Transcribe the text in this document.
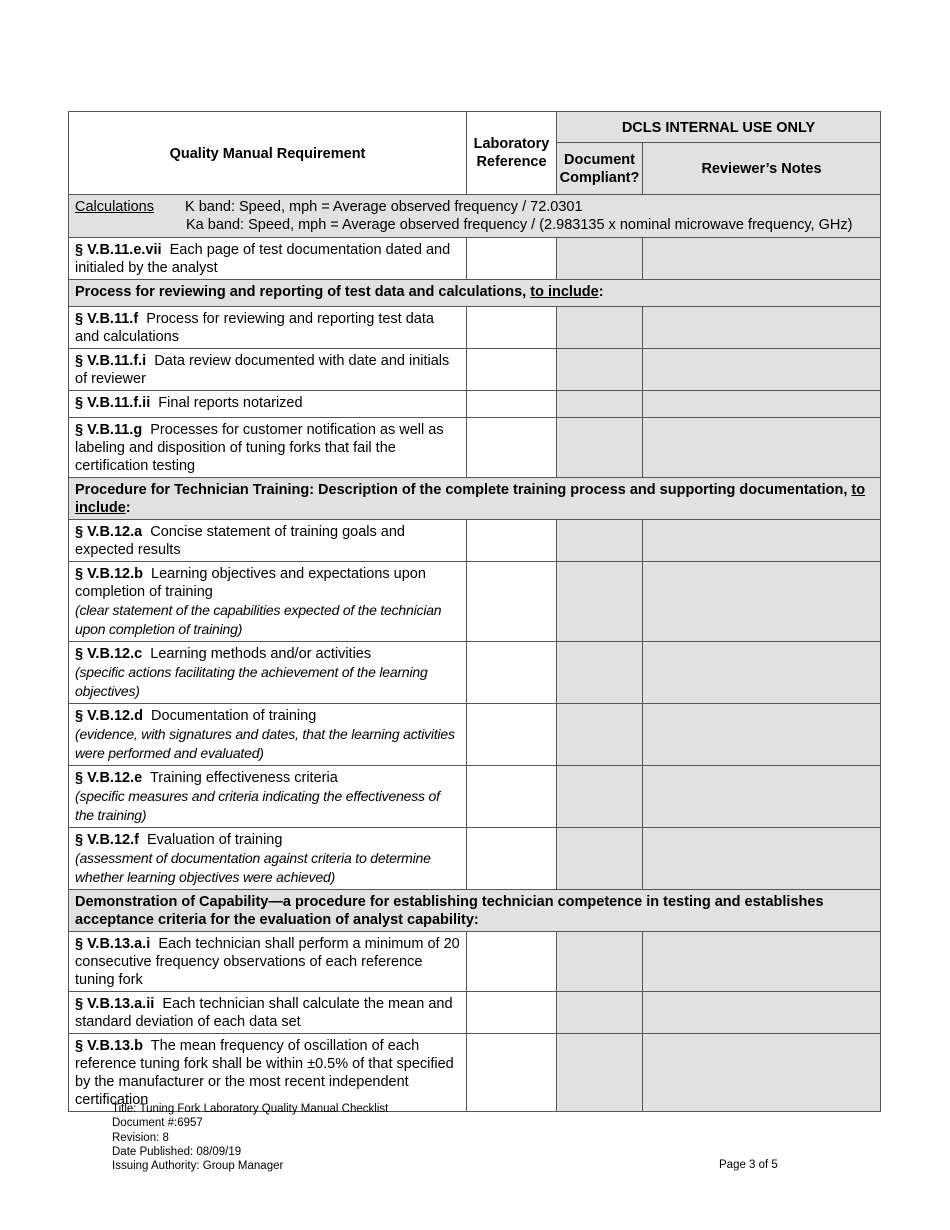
Quality Manual Requirement	Laboratory Reference	DCLS INTERNAL USE ONLY	
		Document Compliant?	Reviewer’s Notes
Calculations K band: Speed, mph = Average observed frequency / 72.0301
Ka band: Speed, mph = Average observed frequency / (2.983135 x nominal microwave frequency, GHz)			
§ V.B.11.e.vii Each page of test documentation dated and initialed by the analyst			
Process for reviewing and reporting of test data and calculations, to include:			
§ V.B.11.f Process for reviewing and reporting test data and calculations			
§ V.B.11.f.i Data review documented with date and initials of reviewer			
§ V.B.11.f.ii Final reports notarized			
§ V.B.11.g Processes for customer notification as well as labeling and disposition of tuning forks that fail the certification testing			
Procedure for Technician Training: Description of the complete training process and supporting documentation, to include:			
§ V.B.12.a Concise statement of training goals and expected results			
§ V.B.12.b Learning objectives and expectations upon completion of training
(clear statement of the capabilities expected of the technician upon completion of training)			
§ V.B.12.c Learning methods and/or activities
(specific actions facilitating the achievement of the learning objectives)			
§ V.B.12.d Documentation of training
(evidence, with signatures and dates, that the learning activities were performed and evaluated)			
§ V.B.12.e Training effectiveness criteria
(specific measures and criteria indicating the effectiveness of the training)			
§ V.B.12.f Evaluation of training
(assessment of documentation against criteria to determine whether learning objectives were achieved)			
Demonstration of Capability—a procedure for establishing technician competence in testing and establishes acceptance criteria for the evaluation of analyst capability:			
§ V.B.13.a.i Each technician shall perform a minimum of 20 consecutive frequency observations of each reference tuning fork			
§ V.B.13.a.ii Each technician shall calculate the mean and standard deviation of each data set			
§ V.B.13.b The mean frequency of oscillation of each reference tuning fork shall be within ±0.5% of that specified by the manufacturer or the most recent independent certification			
Title: Tuning Fork Laboratory Quality Manual Checklist
Document #:6957
Revision: 8
Date Published: 08/09/19
Issuing Authority: Group Manager	Page 3 of 5
